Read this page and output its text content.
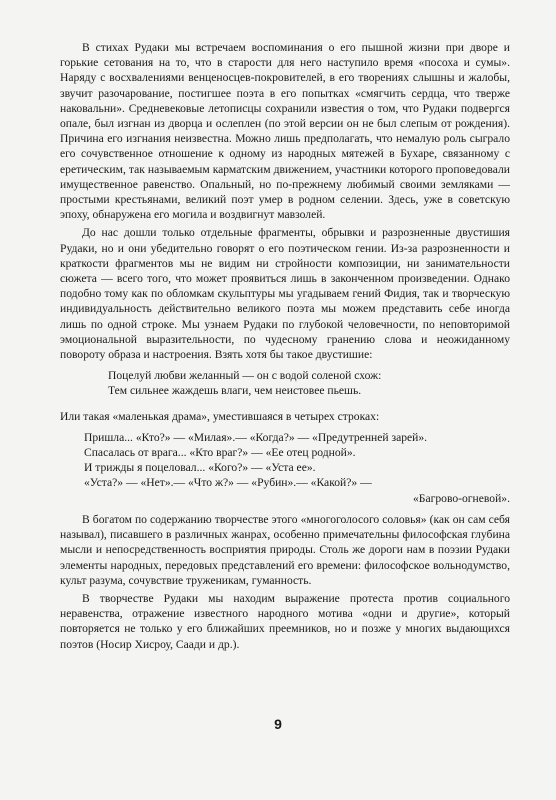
В стихах Рудаки мы встречаем воспоминания о его пышной жизни при дворе и горькие сетования на то, что в старости для него наступило время «посоха и сумы». Наряду с восхвалениями венценосцев-покровителей, в его творениях слышны и жалобы, звучит разочарование, постигшее поэта в его попытках «смягчить сердца, что тверже наковальни». Средневековые летописцы сохранили известия о том, что Рудаки подвергся опале, был изгнан из дворца и ослеплен (по этой версии он не был слепым от рождения). Причина его изгнания неизвестна. Можно лишь предполагать, что немалую роль сыграло его сочувственное отношение к одному из народных мятежей в Бухаре, связанному с еретическим, так называемым карматским движением, участники которого проповедовали имущественное равенство. Опальный, но по-прежнему любимый своими земляками — простыми крестьянами, великий поэт умер в родном селении. Здесь, уже в советскую эпоху, обнаружена его могила и воздвигнут мавзолей.

До нас дошли только отдельные фрагменты, обрывки и разрозненные двустишия Рудаки, но и они убедительно говорят о его поэтическом гении. Из-за разрозненности и краткости фрагментов мы не видим ни стройности композиции, ни занимательности сюжета — всего того, что может проявиться лишь в законченном произведении. Однако подобно тому как по обломкам скульптуры мы угадываем гений Фидия, так и творческую индивидуальность действительно великого поэта мы можем представить себе иногда лишь по одной строке. Мы узнаем Рудаки по глубокой человечности, по неповторимой эмоциональной выразительности, по чудесному гранению слова и неожиданному повороту образа и настроения. Взять хотя бы такое двустишие:

Поцелуй любви желанный — он с водой соленой схож:
Тем сильнее жаждешь влаги, чем неистовее пьешь.

Или такая «маленькая драма», уместившаяся в четырех строках:

Пришла... «Кто?» — «Милая».— «Когда?» — «Предутренней зарей».
Спасалась от врага... «Кто враг?» — «Ее отец родной».
И трижды я поцеловал... «Кого?» — «Уста ее».
«Уста?» — «Нет».— «Что ж?» — «Рубин».— «Какой?» —
«Багрово-огневой».

В богатом по содержанию творчестве этого «многоголосого соловья» (как он сам себя называл), писавшего в различных жанрах, особенно примечательны философская глубина мысли и непосредственность восприятия природы. Столь же дороги нам в поэзии Рудаки элементы народных, передовых представлений его времени: философское вольнодумство, культ разума, сочувствие труженикам, гуманность.

В творчестве Рудаки мы находим выражение протеста против социального неравенства, отражение известного народного мотива «одни и другие», который повторяется не только у его ближайших преемников, но и позже у многих выдающихся поэтов (Носир Хисроу, Саади и др.).

9
